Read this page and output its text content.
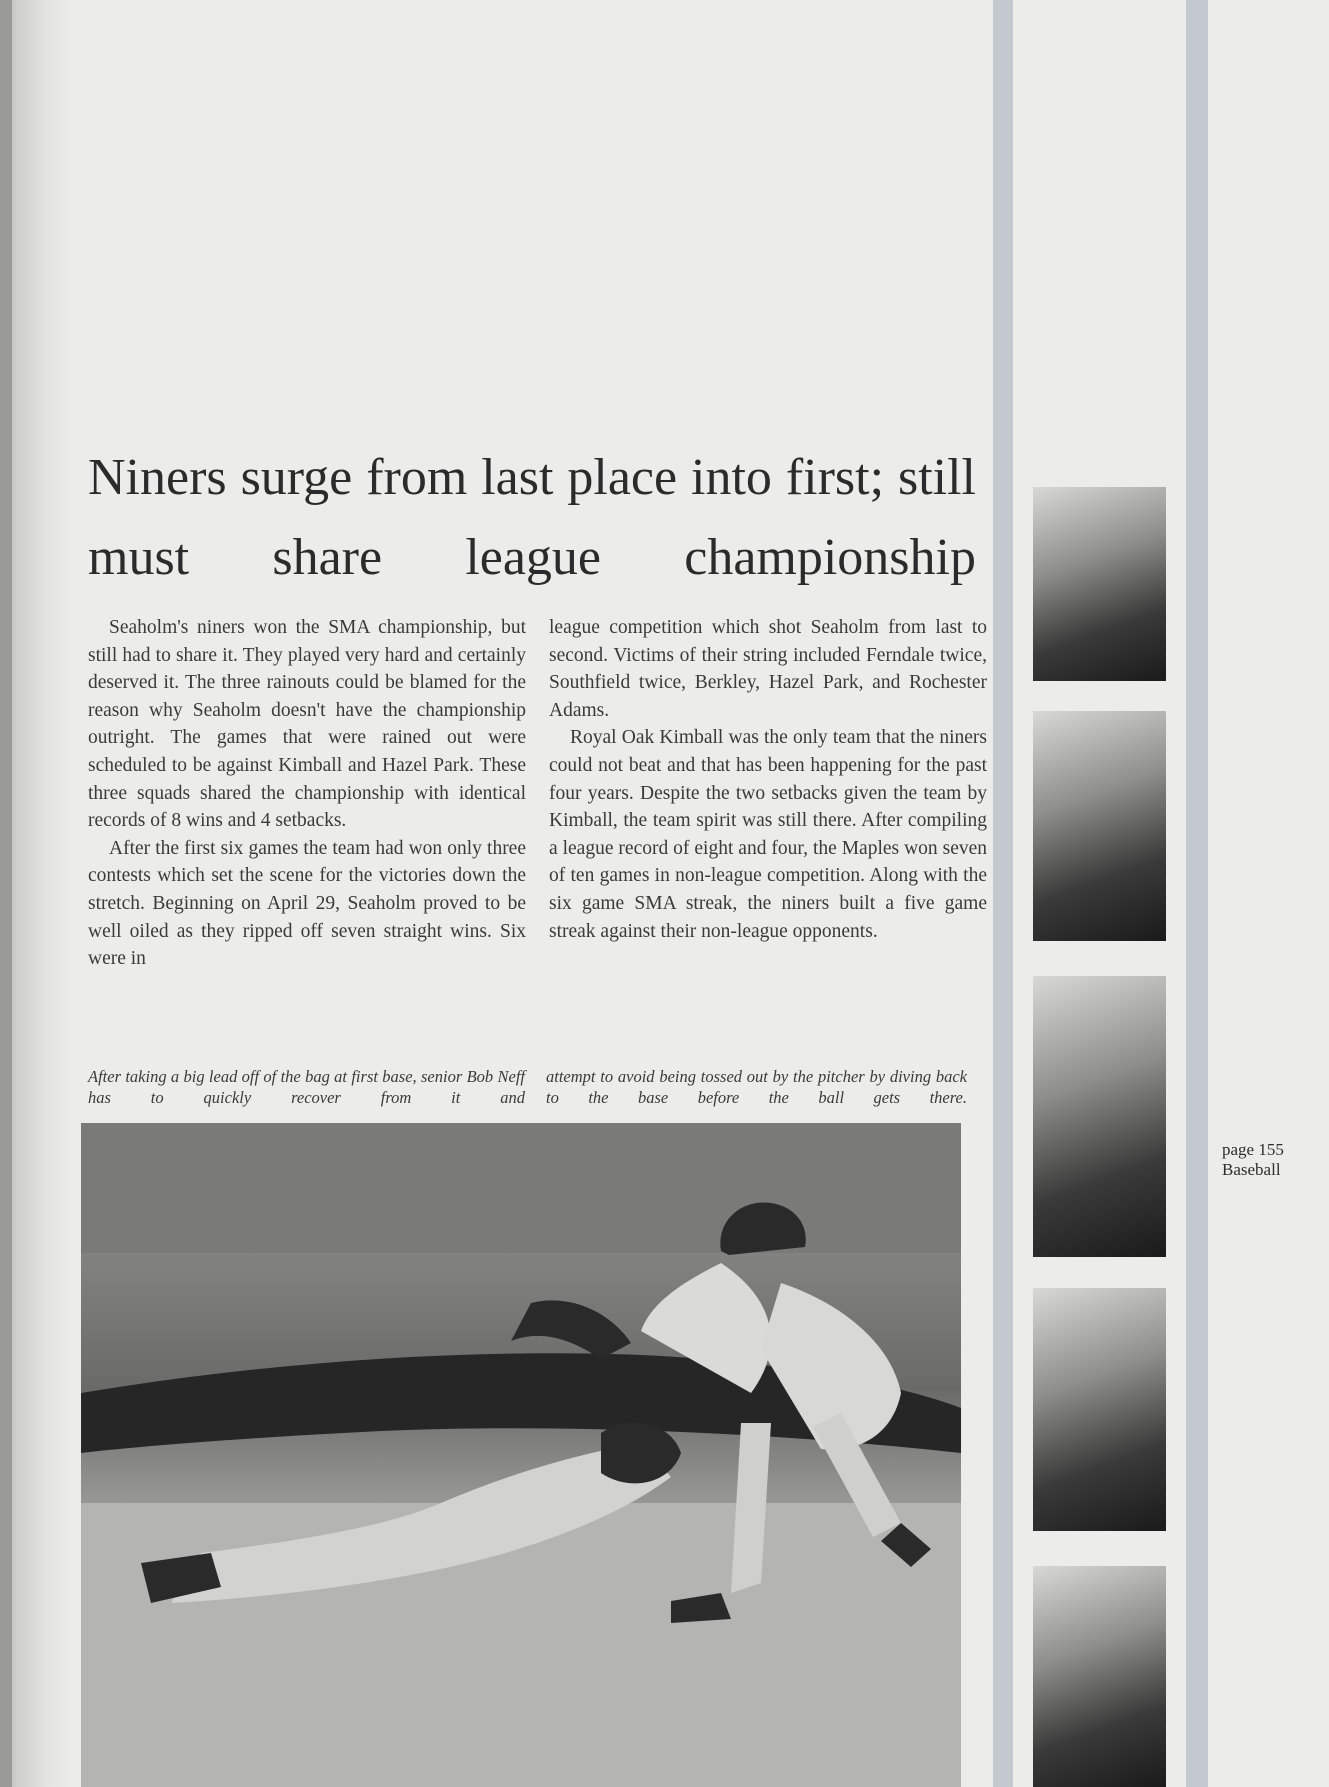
Niners surge from last place into first; still must share league championship

Seaholm's niners won the SMA championship, but still had to share it. They played very hard and certainly deserved it. The three rainouts could be blamed for the reason why Seaholm doesn't have the championship outright. The games that were rained out were scheduled to be against Kimball and Hazel Park. These three squads shared the championship with identical records of 8 wins and 4 setbacks.

After the first six games the team had won only three contests which set the scene for the victories down the stretch. Beginning on April 29, Seaholm proved to be well oiled as they ripped off seven straight wins. Six were in

league competition which shot Seaholm from last to second. Victims of their string included Ferndale twice, Southfield twice, Berkley, Hazel Park, and Rochester Adams.

Royal Oak Kimball was the only team that the niners could not beat and that has been happening for the past four years. Despite the two setbacks given the team by Kimball, the team spirit was still there. After compiling a league record of eight and four, the Maples won seven of ten games in non-league competition. Along with the six game SMA streak, the niners built a five game streak against their non-league opponents.

After taking a big lead off of the bag at first base, senior Bob Neff has to quickly recover from it and
attempt to avoid being tossed out by the pitcher by diving back to the base before the ball gets there.
page 155
Baseball
